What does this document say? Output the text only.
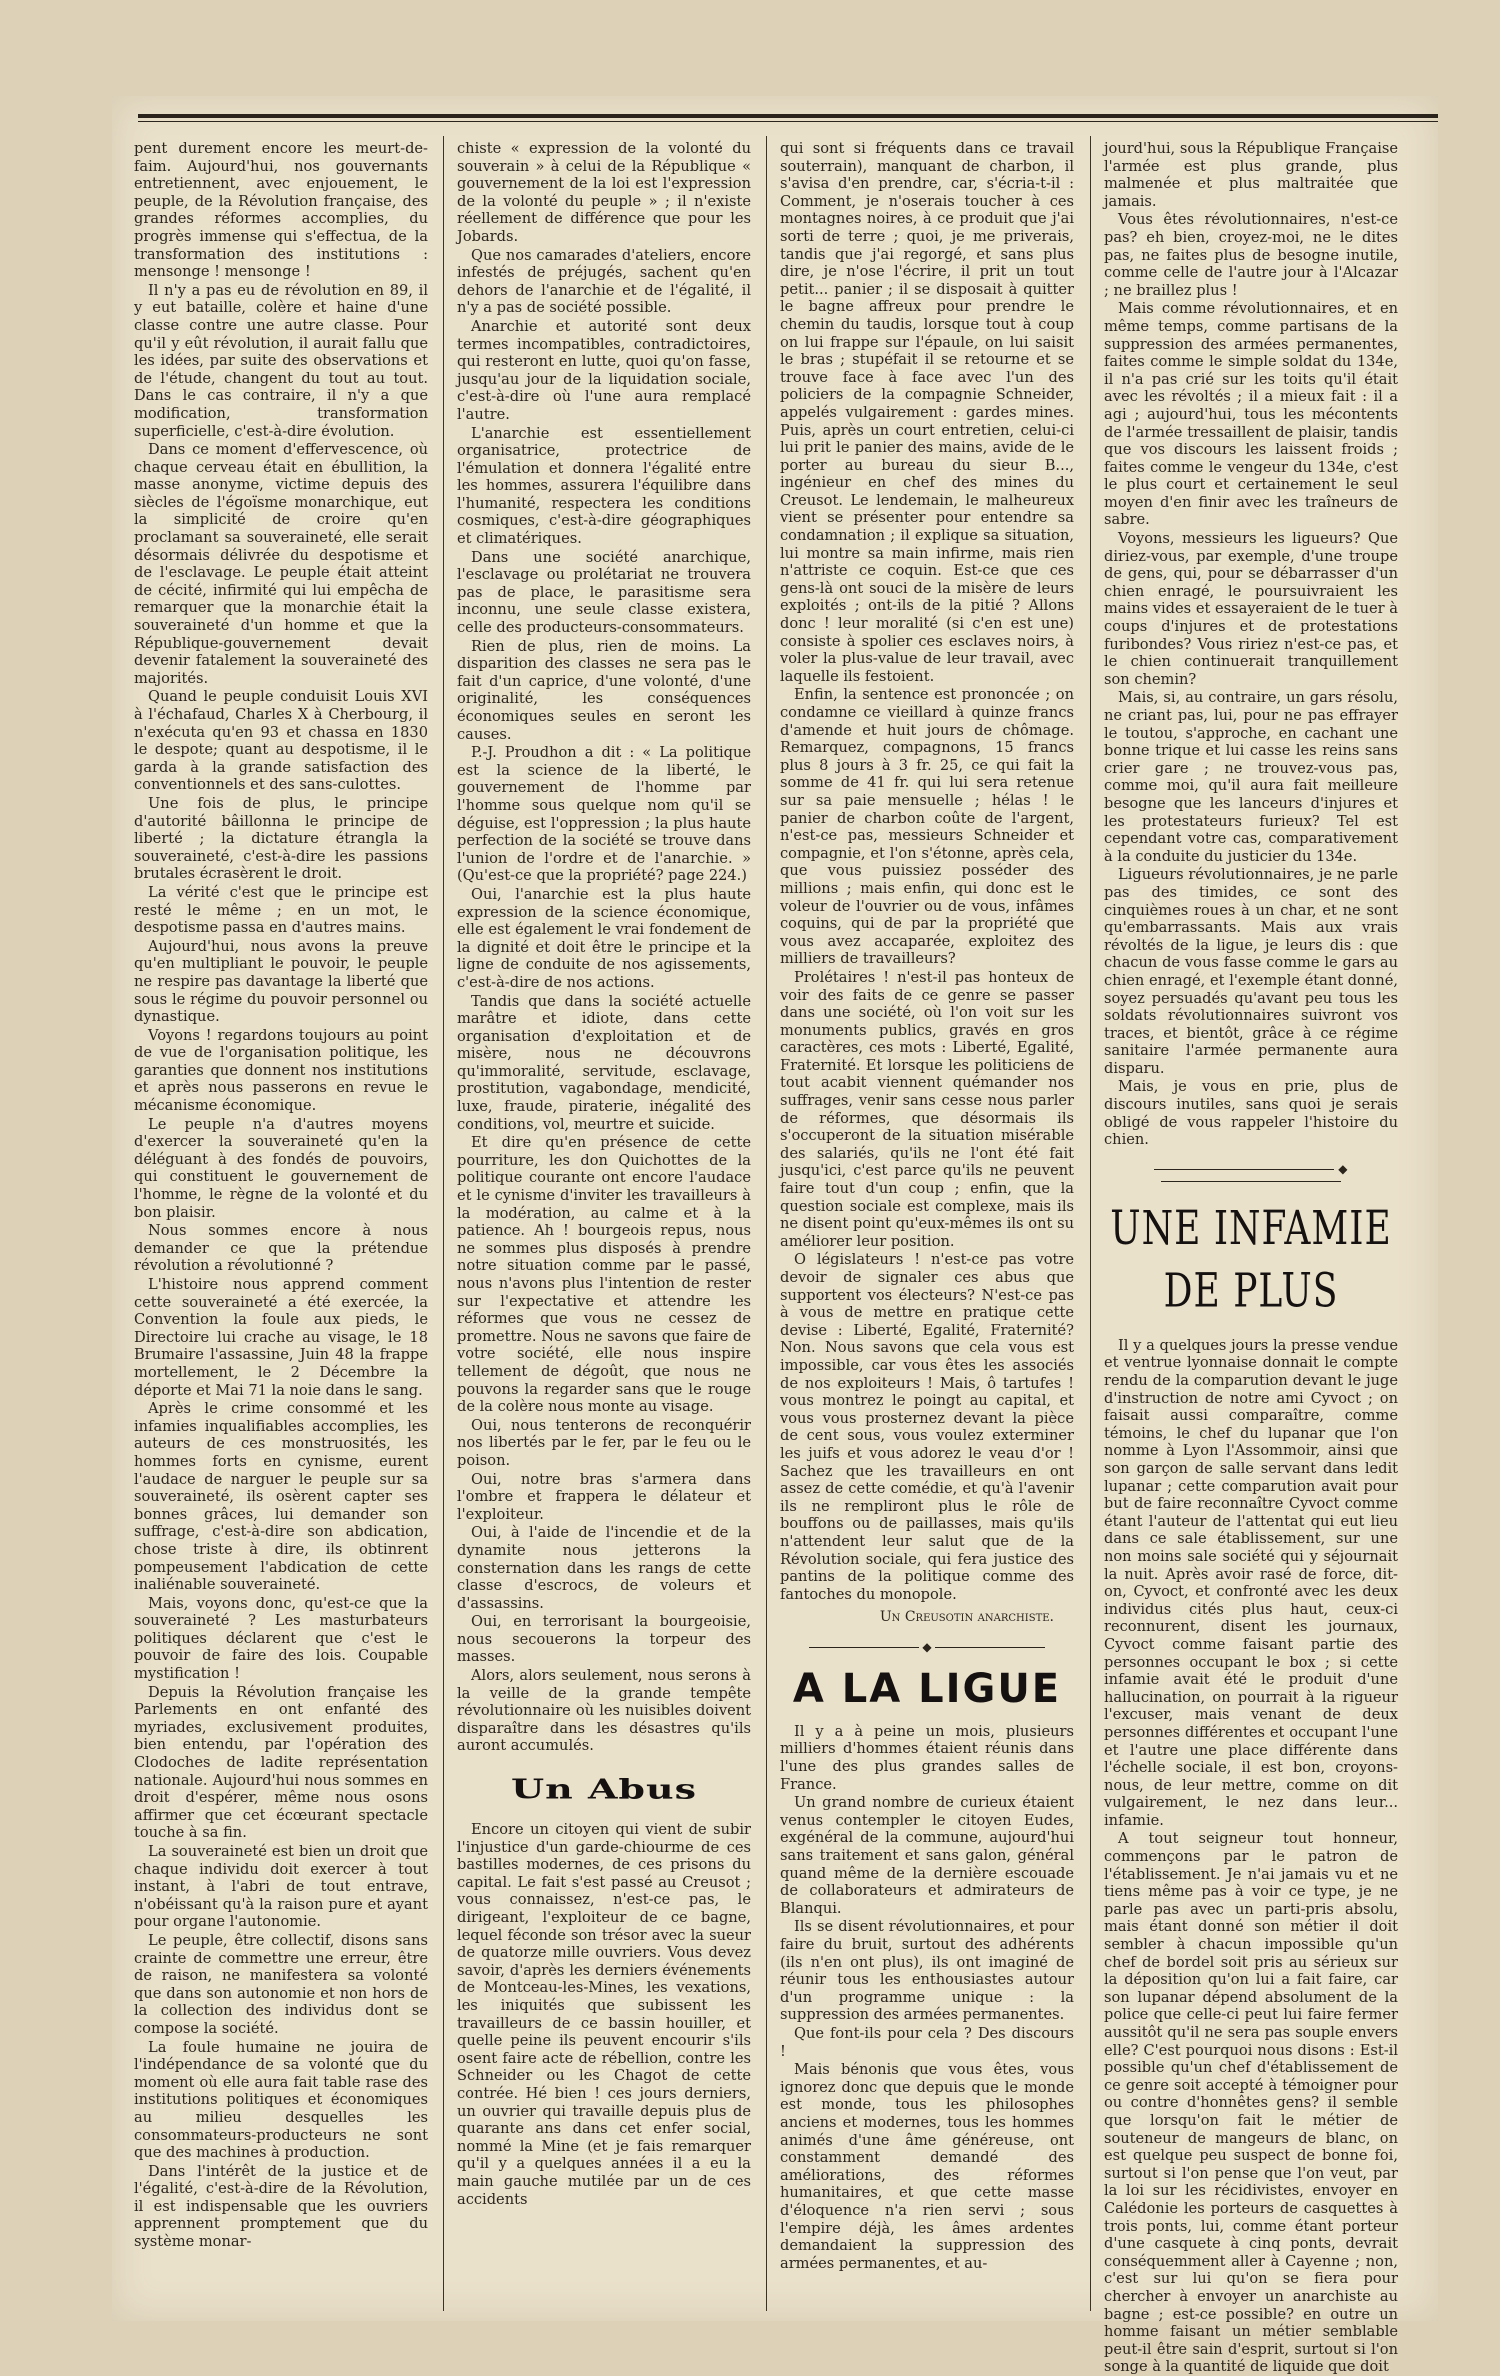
pent durement encore les meurt-de-faim. Aujourd'hui, nos gouvernants entretiennent, avec enjouement, le peuple, de la Révolution française, des grandes réformes accomplies, du progrès immense qui s'effectua, de la transformation des institutions : mensonge ! mensonge !

Il n'y a pas eu de révolution en 89, il y eut bataille, colère et haine d'une classe contre une autre classe. Pour qu'il y eût révolution, il aurait fallu que les idées, par suite des observations et de l'étude, changent du tout au tout. Dans le cas contraire, il n'y a que modification, transformation superficielle, c'est-à-dire évolution.

Dans ce moment d'effervescence, où chaque cerveau était en ébullition, la masse anonyme, victime depuis des siècles de l'égoïsme monarchique, eut la simplicité de croire qu'en proclamant sa souveraineté, elle serait désormais délivrée du despotisme et de l'esclavage. Le peuple était atteint de cécité, infirmité qui lui empêcha de remarquer que la monarchie était la souveraineté d'un homme et que la République-gouvernement devait devenir fatalement la souveraineté des majorités.

Quand le peuple conduisit Louis XVI à l'échafaud, Charles X à Cherbourg, il n'exécuta qu'en 93 et chassa en 1830 le despote; quant au despotisme, il le garda à la grande satisfaction des conventionnels et des sans-culottes.

Une fois de plus, le principe d'autorité bâillonna le principe de liberté ; la dictature étrangla la souveraineté, c'est-à-dire les passions brutales écrasèrent le droit.

La vérité c'est que le principe est resté le même ; en un mot, le despotisme passa en d'autres mains.

Aujourd'hui, nous avons la preuve qu'en multipliant le pouvoir, le peuple ne respire pas davantage la liberté que sous le régime du pouvoir personnel ou dynastique.

Voyons ! regardons toujours au point de vue de l'organisation politique, les garanties que donnent nos institutions et après nous passerons en revue le mécanisme économique.

Le peuple n'a d'autres moyens d'exercer la souveraineté qu'en la déléguant à des fondés de pouvoirs, qui constituent le gouvernement de l'homme, le règne de la volonté et du bon plaisir.

Nous sommes encore à nous demander ce que la prétendue révolution a révolutionné ?

L'histoire nous apprend comment cette souveraineté a été exercée, la Convention la foule aux pieds, le Directoire lui crache au visage, le 18 Brumaire l'assassine, Juin 48 la frappe mortellement, le 2 Décembre la déporte et Mai 71 la noie dans le sang.

Après le crime consommé et les infamies inqualifiables accomplies, les auteurs de ces monstruosités, les hommes forts en cynisme, eurent l'audace de narguer le peuple sur sa souveraineté, ils osèrent capter ses bonnes grâces, lui demander son suffrage, c'est-à-dire son abdication, chose triste à dire, ils obtinrent pompeusement l'abdication de cette inaliénable souveraineté.

Mais, voyons donc, qu'est-ce que la souveraineté ? Les masturbateurs politiques déclarent que c'est le pouvoir de faire des lois. Coupable mystification !

Depuis la Révolution française les Parlements en ont enfanté des myriades, exclusivement produites, bien entendu, par l'opération des Clodoches de ladite représentation nationale. Aujourd'hui nous sommes en droit d'espérer, même nous osons affirmer que cet écœurant spectacle touche à sa fin.

La souveraineté est bien un droit que chaque individu doit exercer à tout instant, à l'abri de tout entrave, n'obéissant qu'à la raison pure et ayant pour organe l'autonomie.

Le peuple, être collectif, disons sans crainte de commettre une erreur, être de raison, ne manifestera sa volonté que dans son autonomie et non hors de la collection des individus dont se compose la société.

La foule humaine ne jouira de l'indépendance de sa volonté que du moment où elle aura fait table rase des institutions politiques et économiques au milieu desquelles les consommateurs-producteurs ne sont que des machines à production.

Dans l'intérêt de la justice et de l'égalité, c'est-à-dire de la Révolution, il est indispensable que les ouvriers apprennent promptement que du système monar-

chiste « expression de la volonté du souverain » à celui de la République « gouvernement de la loi est l'expression de la volonté du peuple » ; il n'existe réellement de différence que pour les Jobards.

Que nos camarades d'ateliers, encore infestés de préjugés, sachent qu'en dehors de l'anarchie et de l'égalité, il n'y a pas de société possible.

Anarchie et autorité sont deux termes incompatibles, contradictoires, qui resteront en lutte, quoi qu'on fasse, jusqu'au jour de la liquidation sociale, c'est-à-dire où l'une aura remplacé l'autre.

L'anarchie est essentiellement organisatrice, protectrice de l'émulation et donnera l'égalité entre les hommes, assurera l'équilibre dans l'humanité, respectera les conditions cosmiques, c'est-à-dire géographiques et climatériques.

Dans une société anarchique, l'esclavage ou prolétariat ne trouvera pas de place, le parasitisme sera inconnu, une seule classe existera, celle des producteurs-consommateurs.

Rien de plus, rien de moins. La disparition des classes ne sera pas le fait d'un caprice, d'une volonté, d'une originalité, les conséquences économiques seules en seront les causes.

P.-J. Proudhon a dit : « La politique est la science de la liberté, le gouvernement de l'homme par l'homme sous quelque nom qu'il se déguise, est l'oppression ; la plus haute perfection de la société se trouve dans l'union de l'ordre et de l'anarchie. » (Qu'est-ce que la propriété? page 224.)

Oui, l'anarchie est la plus haute expression de la science économique, elle est également le vrai fondement de la dignité et doit être le principe et la ligne de conduite de nos agissements, c'est-à-dire de nos actions.

Tandis que dans la société actuelle marâtre et idiote, dans cette organisation d'exploitation et de misère, nous ne découvrons qu'immoralité, servitude, esclavage, prostitution, vagabondage, mendicité, luxe, fraude, piraterie, inégalité des conditions, vol, meurtre et suicide.

Et dire qu'en présence de cette pourriture, les don Quichottes de la politique courante ont encore l'audace et le cynisme d'inviter les travailleurs à la modération, au calme et à la patience. Ah ! bourgeois repus, nous ne sommes plus disposés à prendre notre situation comme par le passé, nous n'avons plus l'intention de rester sur l'expectative et attendre les réformes que vous ne cessez de promettre. Nous ne savons que faire de votre société, elle nous inspire tellement de dégoût, que nous ne pouvons la regarder sans que le rouge de la colère nous monte au visage.

Oui, nous tenterons de reconquérir nos libertés par le fer, par le feu ou le poison.

Oui, notre bras s'armera dans l'ombre et frappera le délateur et l'exploiteur.

Oui, à l'aide de l'incendie et de la dynamite nous jetterons la consternation dans les rangs de cette classe d'escrocs, de voleurs et d'assassins.

Oui, en terrorisant la bourgeoisie, nous secouerons la torpeur des masses.

Alors, alors seulement, nous serons à la veille de la grande tempête révolutionnaire où les nuisibles doivent disparaître dans les désastres qu'ils auront accumulés.

Un Abus

Encore un citoyen qui vient de subir l'injustice d'un garde-chiourme de ces bastilles modernes, de ces prisons du capital. Le fait s'est passé au Creusot ; vous connaissez, n'est-ce pas, le dirigeant, l'exploiteur de ce bagne, lequel féconde son trésor avec la sueur de quatorze mille ouvriers. Vous devez savoir, d'après les derniers événements de Montceau-les-Mines, les vexations, les iniquités que subissent les travailleurs de ce bassin houiller, et quelle peine ils peuvent encourir s'ils osent faire acte de rébellion, contre les Schneider ou les Chagot de cette contrée. Hé bien ! ces jours derniers, un ouvrier qui travaille depuis plus de quarante ans dans cet enfer social, nommé la Mine (et je fais remarquer qu'il y a quelques années il a eu la main gauche mutilée par un de ces accidents

qui sont si fréquents dans ce travail souterrain), manquant de charbon, il s'avisa d'en prendre, car, s'écria-t-il : Comment, je n'oserais toucher à ces montagnes noires, à ce produit que j'ai sorti de terre ; quoi, je me priverais, tandis que j'ai regorgé, et sans plus dire, je n'ose l'écrire, il prit un tout petit... panier ; il se disposait à quitter le bagne affreux pour prendre le chemin du taudis, lorsque tout à coup on lui frappe sur l'épaule, on lui saisit le bras ; stupéfait il se retourne et se trouve face à face avec l'un des policiers de la compagnie Schneider, appelés vulgairement : gardes mines. Puis, après un court entretien, celui-ci lui prit le panier des mains, avide de le porter au bureau du sieur B..., ingénieur en chef des mines du Creusot. Le lendemain, le malheureux vient se présenter pour entendre sa condamnation ; il explique sa situation, lui montre sa main infirme, mais rien n'attriste ce coquin. Est-ce que ces gens-là ont souci de la misère de leurs exploités ; ont-ils de la pitié ? Allons donc ! leur moralité (si c'en est une) consiste à spolier ces esclaves noirs, à voler la plus-value de leur travail, avec laquelle ils festoient.

Enfin, la sentence est prononcée ; on condamne ce vieillard à quinze francs d'amende et huit jours de chômage. Remarquez, compagnons, 15 francs plus 8 jours à 3 fr. 25, ce qui fait la somme de 41 fr. qui lui sera retenue sur sa paie mensuelle ; hélas ! le panier de charbon coûte de l'argent, n'est-ce pas, messieurs Schneider et compagnie, et l'on s'étonne, après cela, que vous puissiez posséder des millions ; mais enfin, qui donc est le voleur de l'ouvrier ou de vous, infâmes coquins, qui de par la propriété que vous avez accaparée, exploitez des milliers de travailleurs?

Prolétaires ! n'est-il pas honteux de voir des faits de ce genre se passer dans une société, où l'on voit sur les monuments publics, gravés en gros caractères, ces mots : Liberté, Egalité, Fraternité. Et lorsque les politiciens de tout acabit viennent quémander nos suffrages, venir sans cesse nous parler de réformes, que désormais ils s'occuperont de la situation misérable des salariés, qu'ils ne l'ont été fait jusqu'ici, c'est parce qu'ils ne peuvent faire tout d'un coup ; enfin, que la question sociale est complexe, mais ils ne disent point qu'eux-mêmes ils ont su améliorer leur position.

O législateurs ! n'est-ce pas votre devoir de signaler ces abus que supportent vos électeurs? N'est-ce pas à vous de mettre en pratique cette devise : Liberté, Egalité, Fraternité? Non. Nous savons que cela vous est impossible, car vous êtes les associés de nos exploiteurs ! Mais, ô tartufes ! vous montrez le poingt au capital, et vous vous prosternez devant la pièce de cent sous, vous voulez exterminer les juifs et vous adorez le veau d'or ! Sachez que les travailleurs en ont assez de cette comédie, et qu'à l'avenir ils ne rempliront plus le rôle de bouffons ou de paillasses, mais qu'ils n'attendent leur salut que de la Révolution sociale, qui fera justice des pantins de la politique comme des fantoches du monopole.

Un Creusotin anarchiste.
◆
A LA LIGUE

Il y a à peine un mois, plusieurs milliers d'hommes étaient réunis dans l'une des plus grandes salles de France.

Un grand nombre de curieux étaient venus contempler le citoyen Eudes, exgénéral de la commune, aujourd'hui sans traitement et sans galon, général quand même de la dernière escouade de collaborateurs et admirateurs de Blanqui.

Ils se disent révolutionnaires, et pour faire du bruit, surtout des adhérents (ils n'en ont plus), ils ont imaginé de réunir tous les enthousiastes autour d'un programme unique : la suppression des armées permanentes.

Que font-ils pour cela ? Des discours !

Mais bénonis que vous êtes, vous ignorez donc que depuis que le monde est monde, tous les philosophes anciens et modernes, tous les hommes animés d'une âme généreuse, ont constamment demandé des améliorations, des réformes humanitaires, et que cette masse d'éloquence n'a rien servi ; sous l'empire déjà, les âmes ardentes demandaient la suppression des armées permanentes, et au-

jourd'hui, sous la République Française l'armée est plus grande, plus malmenée et plus maltraitée que jamais.

Vous êtes révolutionnaires, n'est-ce pas? eh bien, croyez-moi, ne le dites pas, ne faites plus de besogne inutile, comme celle de l'autre jour à l'Alcazar ; ne braillez plus !

Mais comme révolutionnaires, et en même temps, comme partisans de la suppression des armées permanentes, faites comme le simple soldat du 134e, il n'a pas crié sur les toits qu'il était avec les révoltés ; il a mieux fait : il a agi ; aujourd'hui, tous les mécontents de l'armée tressaillent de plaisir, tandis que vos discours les laissent froids ; faites comme le vengeur du 134e, c'est le plus court et certainement le seul moyen d'en finir avec les traîneurs de sabre.

Voyons, messieurs les ligueurs? Que diriez-vous, par exemple, d'une troupe de gens, qui, pour se débarrasser d'un chien enragé, le poursuivraient les mains vides et essayeraient de le tuer à coups d'injures et de protestations furibondes? Vous ririez n'est-ce pas, et le chien continuerait tranquillement son chemin?

Mais, si, au contraire, un gars résolu, ne criant pas, lui, pour ne pas effrayer le toutou, s'approche, en cachant une bonne trique et lui casse les reins sans crier gare ; ne trouvez-vous pas, comme moi, qu'il aura fait meilleure besogne que les lanceurs d'injures et les protestateurs furieux? Tel est cependant votre cas, comparativement à la conduite du justicier du 134e.

Ligueurs révolutionnaires, je ne parle pas des timides, ce sont des cinquièmes roues à un char, et ne sont qu'embarrassants. Mais aux vrais révoltés de la ligue, je leurs dis : que chacun de vous fasse comme le gars au chien enragé, et l'exemple étant donné, soyez persuadés qu'avant peu tous les soldats révolutionnaires suivront vos traces, et bientôt, grâce à ce régime sanitaire l'armée permanente aura disparu.

Mais, je vous en prie, plus de discours inutiles, sans quoi je serais obligé de vous rappeler l'histoire du chien.

◆
UNE INFAMIE DE PLUS

Il y a quelques jours la presse vendue et ventrue lyonnaise donnait le compte rendu de la comparution devant le juge d'instruction de notre ami Cyvoct ; on faisait aussi comparaître, comme témoins, le chef du lupanar que l'on nomme à Lyon l'Assommoir, ainsi que son garçon de salle servant dans ledit lupanar ; cette comparution avait pour but de faire reconnaître Cyvoct comme étant l'auteur de l'attentat qui eut lieu dans ce sale établissement, sur une non moins sale société qui y séjournait la nuit. Après avoir rasé de force, dit-on, Cyvoct, et confronté avec les deux individus cités plus haut, ceux-ci reconnurent, disent les journaux, Cyvoct comme faisant partie des personnes occupant le box ; si cette infamie avait été le produit d'une hallucination, on pourrait à la rigueur l'excuser, mais venant de deux personnes différentes et occupant l'une et l'autre une place différente dans l'échelle sociale, il est bon, croyons-nous, de leur mettre, comme on dit vulgairement, le nez dans leur... infamie.

A tout seigneur tout honneur, commençons par le patron de l'établissement. Je n'ai jamais vu et ne tiens même pas à voir ce type, je ne parle pas avec un parti-pris absolu, mais étant donné son métier il doit sembler à chacun impossible qu'un chef de bordel soit pris au sérieux sur la déposition qu'on lui a fait faire, car son lupanar dépend absolument de la police que celle-ci peut lui faire fermer aussitôt qu'il ne sera pas souple envers elle? C'est pourquoi nous disons : Est-il possible qu'un chef d'établissement de ce genre soit accepté à témoigner pour ou contre d'honnêtes gens? il semble que lorsqu'on fait le métier de souteneur de mangeurs de blanc, on est quelque peu suspect de bonne foi, surtout si l'on pense que l'on veut, par la loi sur les récidivistes, envoyer en Calédonie les porteurs de casquettes à trois ponts, lui, comme étant porteur d'une casquete à cinq ponts, devrait conséquemment aller à Cayenne ; non, c'est sur lui qu'on se fiera pour chercher à envoyer un anarchiste au bagne ; est-ce possible? en outre un homme faisant un métier semblable peut-il être sain d'esprit, surtout si l'on songe à la quantité de liquide que doit
